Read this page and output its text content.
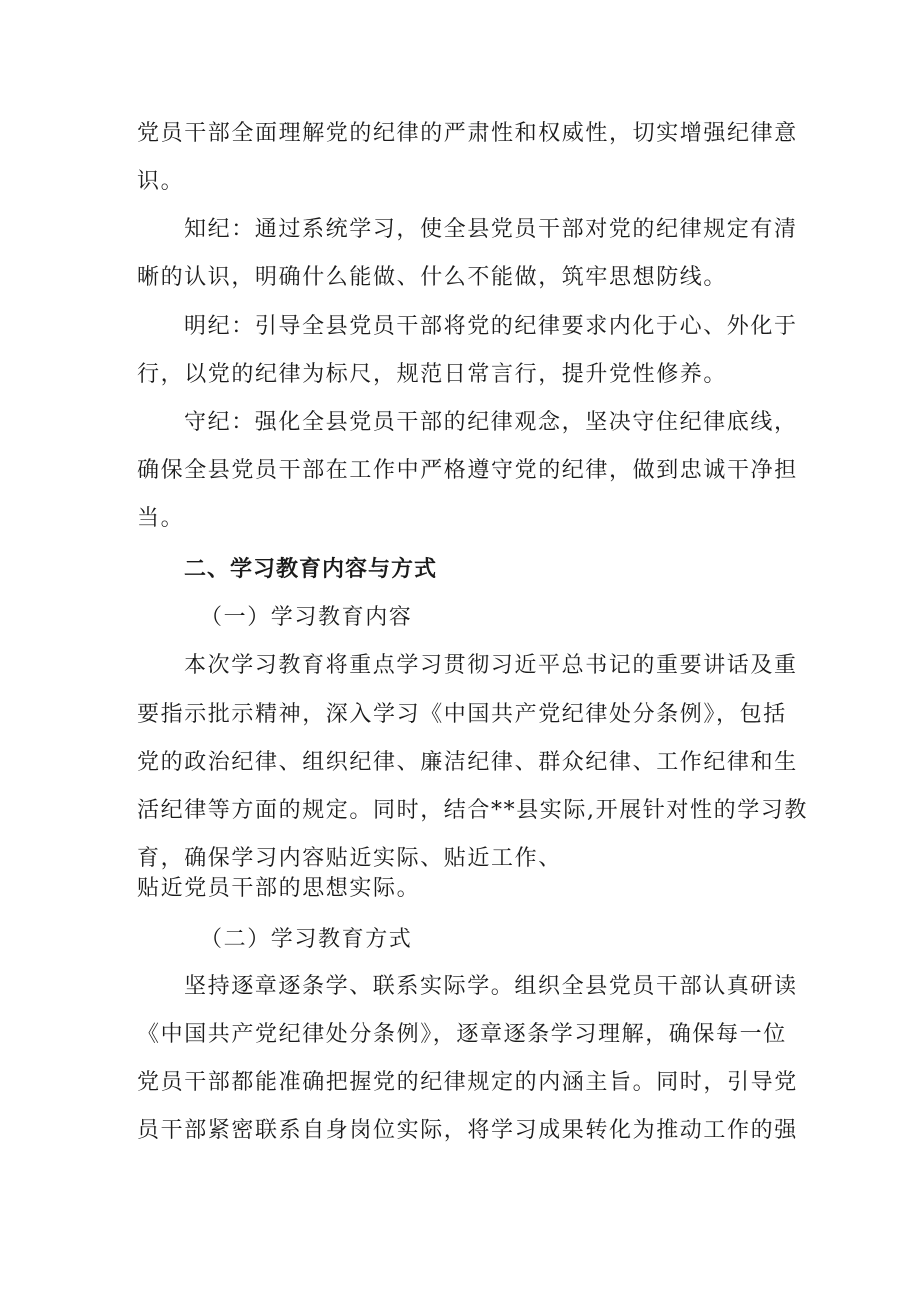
党员干部全面理解党的纪律的严肃性和权威性，切实增强纪律意
识。
知纪：通过系统学习，使全县党员干部对党的纪律规定有清
晰的认识，明确什么能做、什么不能做，筑牢思想防线。
明纪：引导全县党员干部将党的纪律要求内化于心、外化于
行，以党的纪律为标尺，规范日常言行，提升党性修养。
守纪：强化全县党员干部的纪律观念，坚决守住纪律底线，
确保全县党员干部在工作中严格遵守党的纪律，做到忠诚干净担
当。
二、学习教育内容与方式
（一）学习教育内容
本次学习教育将重点学习贯彻习近平总书记的重要讲话及重
要指示批示精神，深入学习《中国共产党纪律处分条例》，包括
党的政治纪律、组织纪律、廉洁纪律、群众纪律、工作纪律和生
活纪律等方面的规定。同时，结合**县实际,开展针对性的学习教
育，确保学习内容贴近实际、贴近工作、
贴近党员干部的思想实际。
（二）学习教育方式
坚持逐章逐条学、联系实际学。组织全县党员干部认真研读
《中国共产党纪律处分条例》，逐章逐条学习理解，确保每一位
党员干部都能准确把握党的纪律规定的内涵主旨。同时，引导党
员干部紧密联系自身岗位实际，将学习成果转化为推动工作的强
